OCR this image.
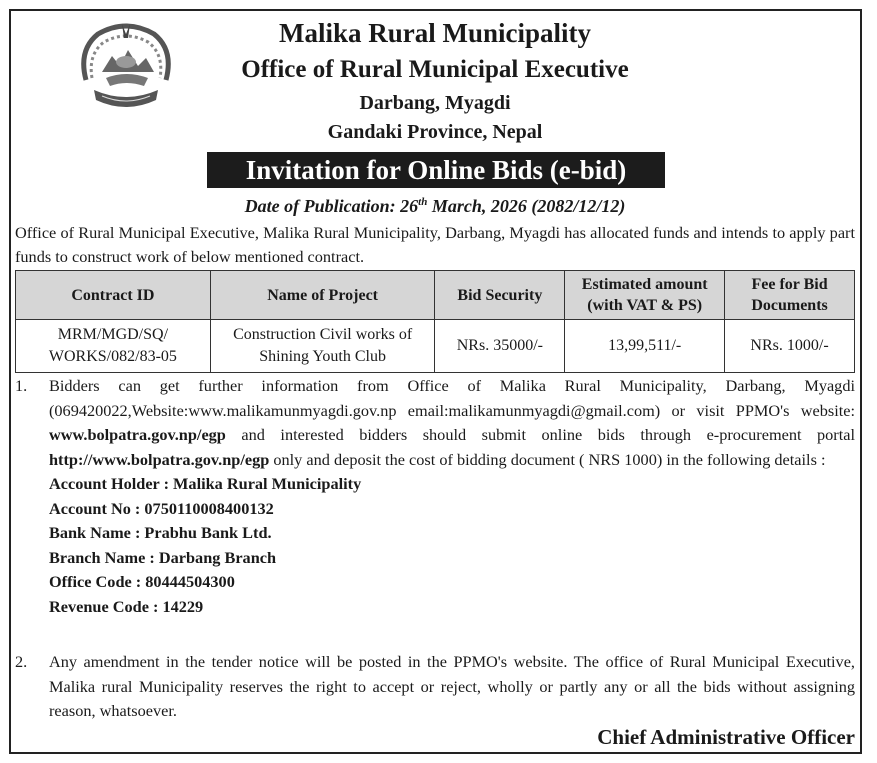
Malika Rural Municipality
Office of Rural Municipal Executive
Darbang, Myagdi
Gandaki Province, Nepal
Invitation for Online Bids (e-bid)
Date of Publication: 26th March, 2026 (2082/12/12)
Office of Rural Municipal Executive, Malika Rural Municipality, Darbang, Myagdi has allocated funds and intends to apply part funds to construct work of below mentioned contract.
Contract ID	Name of Project	Bid Security	Estimated amount (with VAT & PS)	Fee for Bid Documents
MRM/MGD/SQ/ WORKS/082/83-05	Construction Civil works of Shining Youth Club	NRs. 35000/-	13,99,511/-	NRs. 1000/-
1.	Bidders can get further information from Office of Malika Rural Municipality, Darbang, Myagdi (069420022,Website:www.malikamunmyagdi.gov.np email:malikamunmyagdi@gmail.com) or visit PPMO's website: www.bolpatra.gov.np/egp and interested bidders should submit online bids through e-procurement portal http://www.bolpatra.gov.np/egp only and deposit the cost of bidding document ( NRS 1000) in the following details :
Account Holder : Malika Rural Municipality
Account No : 0750110008400132
Bank Name : Prabhu Bank Ltd.
Branch Name : Darbang Branch
Office Code : 80444504300
Revenue Code : 14229
2.	Any amendment in the tender notice will be posted in the PPMO's website. The office of Rural Municipal Executive, Malika rural Municipality reserves the right to accept or reject, wholly or partly any or all the bids without assigning reason, whatsoever.
Chief Administrative Officer
